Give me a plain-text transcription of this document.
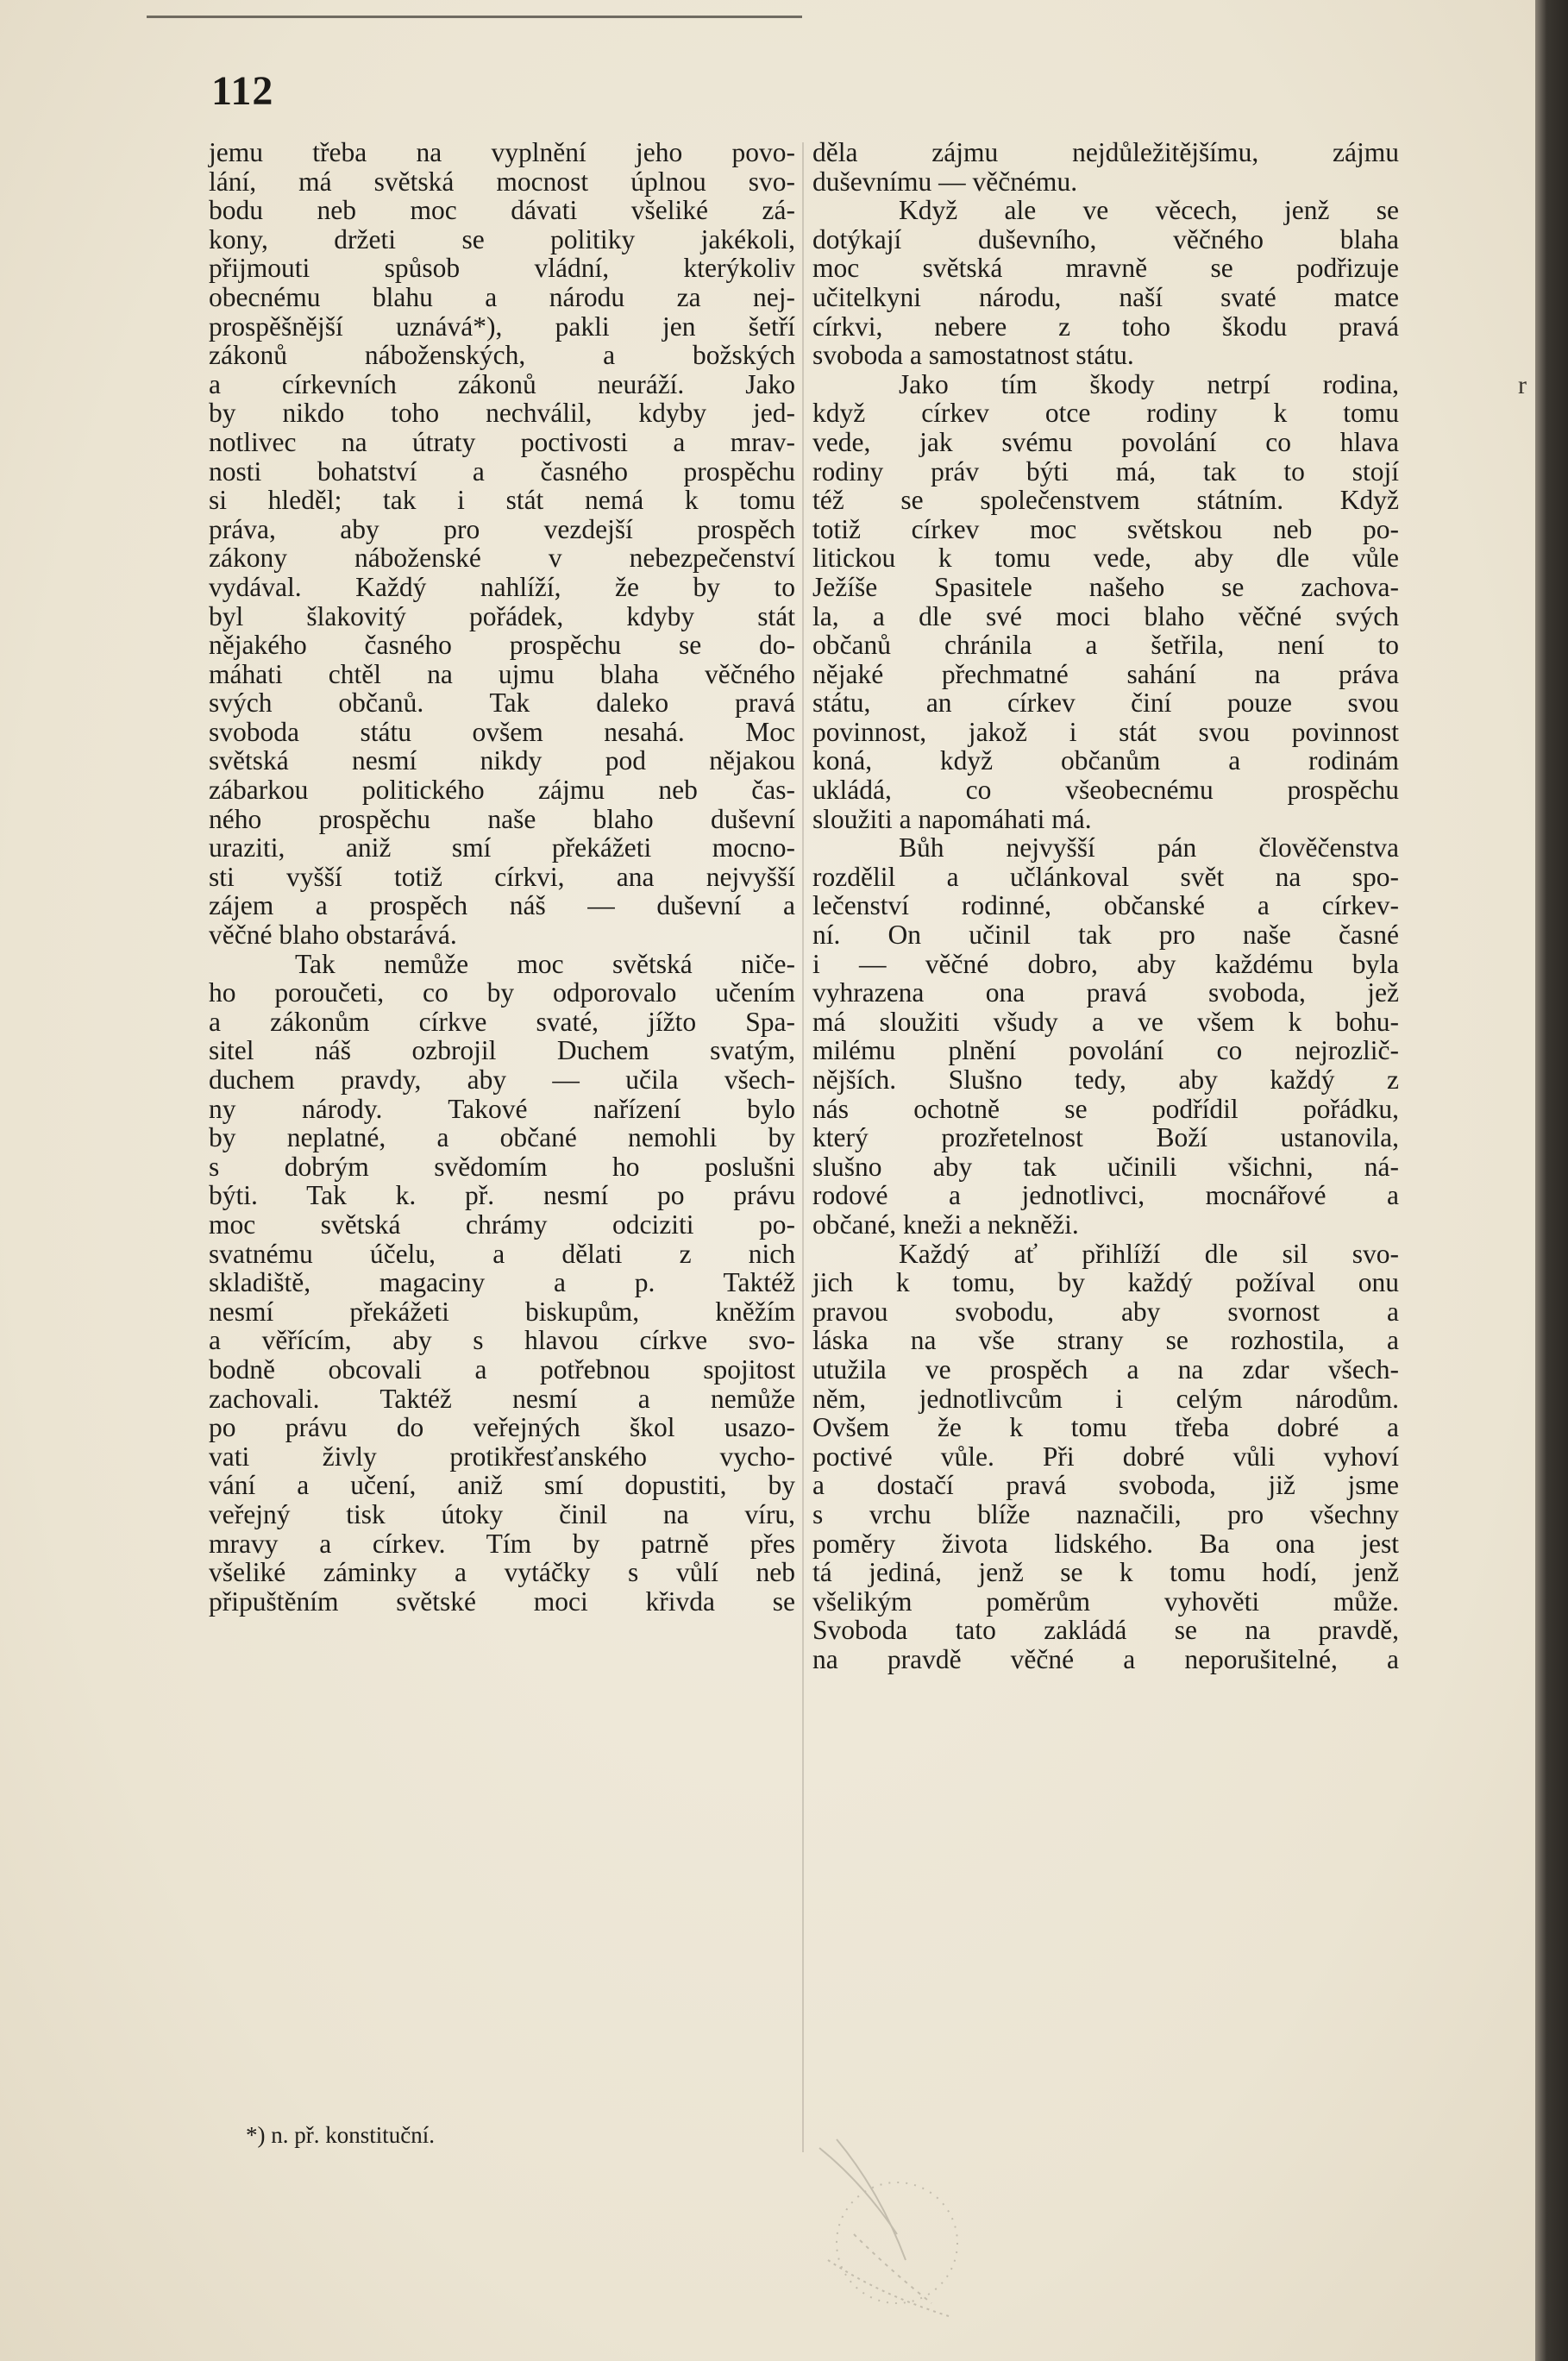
112
jemu třeba na vyplnění jeho povo-
lání, má světská mocnost úplnou svo-
bodu neb moc dávati všeliké zá-
kony, držeti se politiky jakékoli,
přijmouti spůsob vládní, kterýkoliv
obecnému blahu a národu za nej-
prospěšnější uznává*), pakli jen šetří
zákonů náboženských, a božských
a církevních zákonů neuráží. Jako
by nikdo toho nechválil, kdyby jed-
notlivec na útraty poctivosti a mrav-
nosti bohatství a časného prospěchu
si hleděl; tak i stát nemá k tomu
práva, aby pro vezdejší prospěch
zákony náboženské v nebezpečenství
vydával. Každý nahlíží, že by to
byl šlakovitý pořádek, kdyby stát
nějakého časného prospěchu se do-
máhati chtěl na ujmu blaha věčného
svých občanů. Tak daleko pravá
svoboda státu ovšem nesahá. Moc
světská nesmí nikdy pod nějakou
zábarkou politického zájmu neb čas-
ného prospěchu naše blaho duševní
uraziti, aniž smí překážeti mocno-
sti vyšší totiž církvi, ana nejvyšší
zájem a prospěch náš — duševní a
věčné blaho obstarává.
Tak nemůže moc světská niče-
ho poroučeti, co by odporovalo učením
a zákonům církve svaté, jížto Spa-
sitel náš ozbrojil Duchem svatým,
duchem pravdy, aby — učila všech-
ny národy. Takové nařízení bylo
by neplatné, a občané nemohli by
s dobrým svědomím ho poslušni
býti. Tak k. př. nesmí po právu
moc světská chrámy odciziti po-
svatnému účelu, a dělati z nich
skladiště, magaciny a p. Taktéž
nesmí překážeti biskupům, kněžím
a věřícím, aby s hlavou církve svo-
bodně obcovali a potřebnou spojitost
zachovali. Taktéž nesmí a nemůže
po právu do veřejných škol usazo-
vati živly protikřesťanského vycho-
vání a učení, aniž smí dopustiti, by
veřejný tisk útoky činil na víru,
mravy a církev. Tím by patrně přes
všeliké záminky a vytáčky s vůlí neb
připuštěním světské moci křivda se
děla zájmu nejdůležitějšímu, zájmu
duševnímu — věčnému.
Když ale ve věcech, jenž se
dotýkají duševního, věčného blaha
moc světská mravně se podřizuje
učitelkyni národu, naší svaté matce
církvi, nebere z toho škodu pravá
svoboda a samostatnost státu.
Jako tím škody netrpí rodina,
když církev otce rodiny k tomu
vede, jak svému povolání co hlava
rodiny práv býti má, tak to stojí
též se společenstvem státním. Když
totiž církev moc světskou neb po-
litickou k tomu vede, aby dle vůle
Ježíše Spasitele našeho se zachova-
la, a dle své moci blaho věčné svých
občanů chránila a šetřila, není to
nějaké přechmatné sahání na práva
státu, an církev činí pouze svou
povinnost, jakož i stát svou povinnost
koná, když občanům a rodinám
ukládá, co všeobecnému prospěchu
sloužiti a napomáhati má.
Bůh nejvyšší pán člověčenstva
rozdělil a učlánkoval svět na spo-
lečenství rodinné, občanské a církev-
ní. On učinil tak pro naše časné
i — věčné dobro, aby každému byla
vyhrazena ona pravá svoboda, jež
má sloužiti všudy a ve všem k bohu-
milému plnění povolání co nejrozlič-
nějších. Slušno tedy, aby každý z
nás ochotně se podřídil pořádku,
který prozřetelnost Boží ustanovila,
slušno aby tak učinili všichni, ná-
rodové a jednotlivci, mocnářové a
občané, kneži a nekněži.
Každý ať přihlíží dle sil svo-
jich k tomu, by každý požíval onu
pravou svobodu, aby svornost a
láska na vše strany se rozhostila, a
utužila ve prospěch a na zdar všech-
něm, jednotlivcům i celým národům.
Ovšem že k tomu třeba dobré a
poctivé vůle. Při dobré vůli vyhoví
a dostačí pravá svoboda, již jsme
s vrchu blíže naznačili, pro všechny
poměry života lidského. Ba ona jest
tá jediná, jenž se k tomu hodí, jenž
všelikým poměrům vyhověti může.
Svoboda tato zakládá se na pravdě,
na pravdě věčné a neporušitelné, a
*) n. př. konstituční.
r
